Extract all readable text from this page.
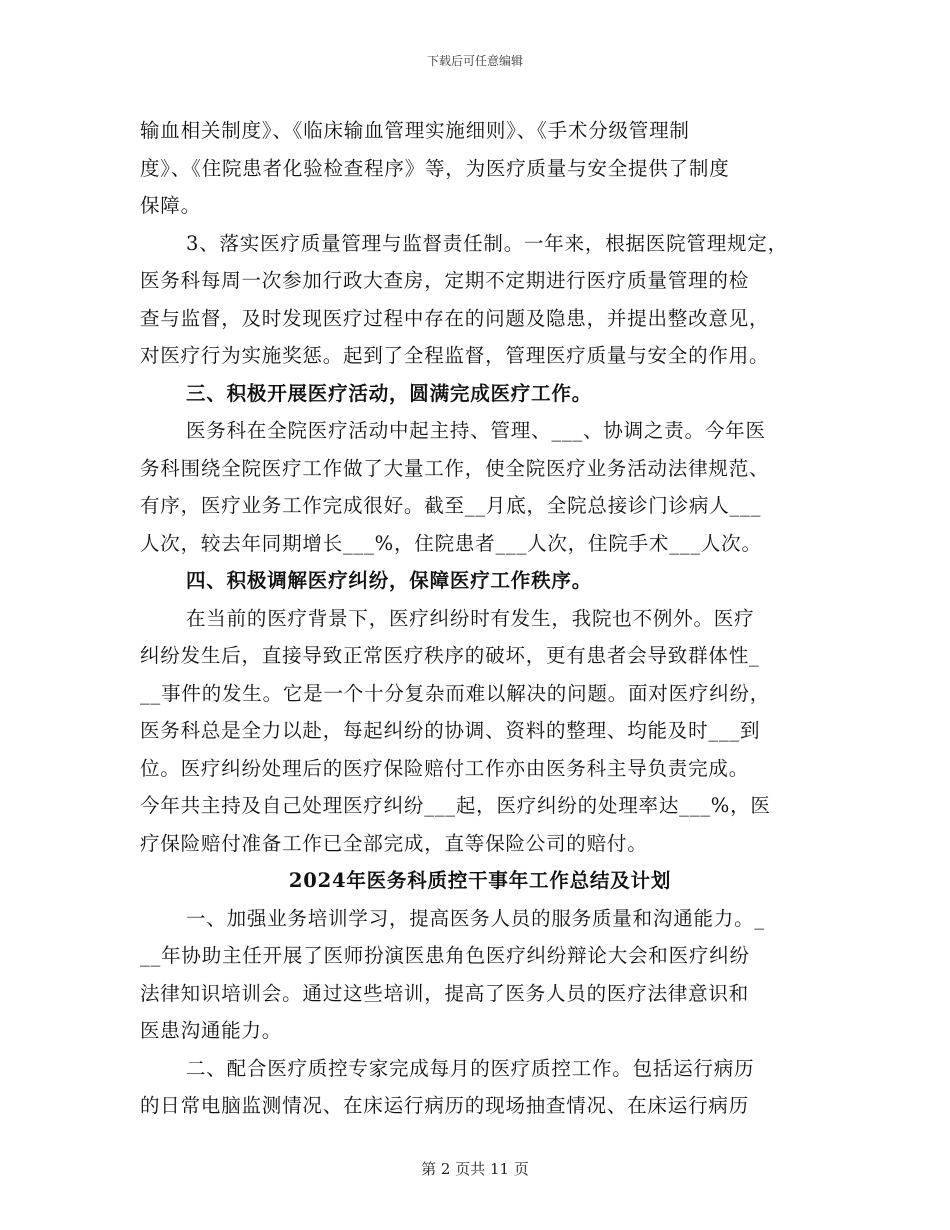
下载后可任意编辑
输血相关制度》、《临床输血管理实施细则》、《手术分级管理制
度》、《住院患者化验检查程序》等，为医疗质量与安全提供了制度
保障。
3、落实医疗质量管理与监督责任制。一年来，根据医院管理规定，
医务科每周一次参加行政大查房，定期不定期进行医疗质量管理的检
查与监督，及时发现医疗过程中存在的问题及隐患，并提出整改意见，
对医疗行为实施奖惩。起到了全程监督，管理医疗质量与安全的作用。
三、积极开展医疗活动，圆满完成医疗工作。
医务科在全院医疗活动中起主持、管理、___、协调之责。今年医
务科围绕全院医疗工作做了大量工作，使全院医疗业务活动法律规范、
有序，医疗业务工作完成很好。截至__月底，全院总接诊门诊病人___
人次，较去年同期增长___%，住院患者___人次，住院手术___人次。
四、积极调解医疗纠纷，保障医疗工作秩序。
在当前的医疗背景下，医疗纠纷时有发生，我院也不例外。医疗
纠纷发生后，直接导致正常医疗秩序的破坏，更有患者会导致群体性_
__事件的发生。它是一个十分复杂而难以解决的问题。面对医疗纠纷，
医务科总是全力以赴，每起纠纷的协调、资料的整理、均能及时___到
位。医疗纠纷处理后的医疗保险赔付工作亦由医务科主导负责完成。
今年共主持及自己处理医疗纠纷___起，医疗纠纷的处理率达___%，医
疗保险赔付准备工作已全部完成，直等保险公司的赔付。
2024年医务科质控干事年工作总结及计划
一、加强业务培训学习，提高医务人员的服务质量和沟通能力。_
__年协助主任开展了医师扮演医患角色医疗纠纷辩论大会和医疗纠纷
法律知识培训会。通过这些培训，提高了医务人员的医疗法律意识和
医患沟通能力。
二、配合医疗质控专家完成每月的医疗质控工作。包括运行病历
的日常电脑监测情况、在床运行病历的现场抽查情况、在床运行病历
第 2 页共 11 页
